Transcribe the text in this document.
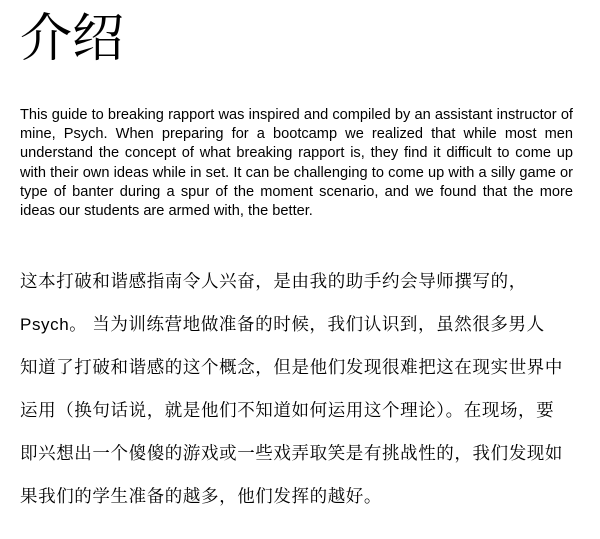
介绍

This guide to breaking rapport was inspired and compiled by an assistant instructor of mine, Psych. When preparing for a bootcamp we realized that while most men understand the concept of what breaking rapport is, they find it difficult to come up with their own ideas while in set. It can be challenging to come up with a silly game or type of banter during a spur of the moment scenario, and we found that the more ideas our students are armed with, the better.

这本打破和谐感指南令人兴奋，是由我的助手约会导师撰写的，
Psych。 当为训练营地做准备的时候，我们认识到，虽然很多男人
知道了打破和谐感的这个概念，但是他们发现很难把这在现实世界中
运用（换句话说，就是他们不知道如何运用这个理论）。在现场，要
即兴想出一个傻傻的游戏或一些戏弄取笑是有挑战性的，我们发现如
果我们的学生准备的越多，他们发挥的越好。
